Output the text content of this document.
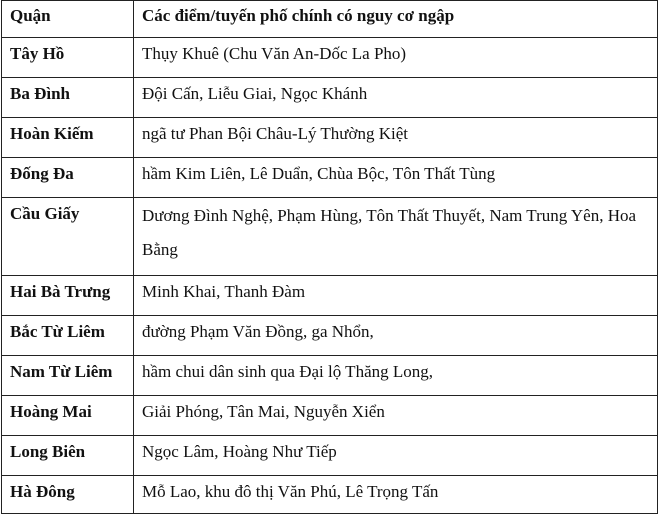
Quận	Các điểm/tuyến phố chính có nguy cơ ngập
Tây Hồ	Thụy Khuê (Chu Văn An-Dốc La Pho)
Ba Đình	Đội Cấn, Liễu Giai, Ngọc Khánh
Hoàn Kiếm	ngã tư Phan Bội Châu-Lý Thường Kiệt
Đống Đa	hầm Kim Liên, Lê Duẩn, Chùa Bộc, Tôn Thất Tùng
Cầu Giấy	Dương Đình Nghệ, Phạm Hùng, Tôn Thất Thuyết, Nam Trung Yên, Hoa Bằng
Hai Bà Trưng	Minh Khai, Thanh Đàm
Bắc Từ Liêm	đường Phạm Văn Đồng, ga Nhổn,
Nam Từ Liêm	hầm chui dân sinh qua Đại lộ Thăng Long,
Hoàng Mai	Giải Phóng, Tân Mai, Nguyễn Xiển
Long Biên	Ngọc Lâm, Hoàng Như Tiếp
Hà Đông	Mỗ Lao, khu đô thị Văn Phú, Lê Trọng Tấn
